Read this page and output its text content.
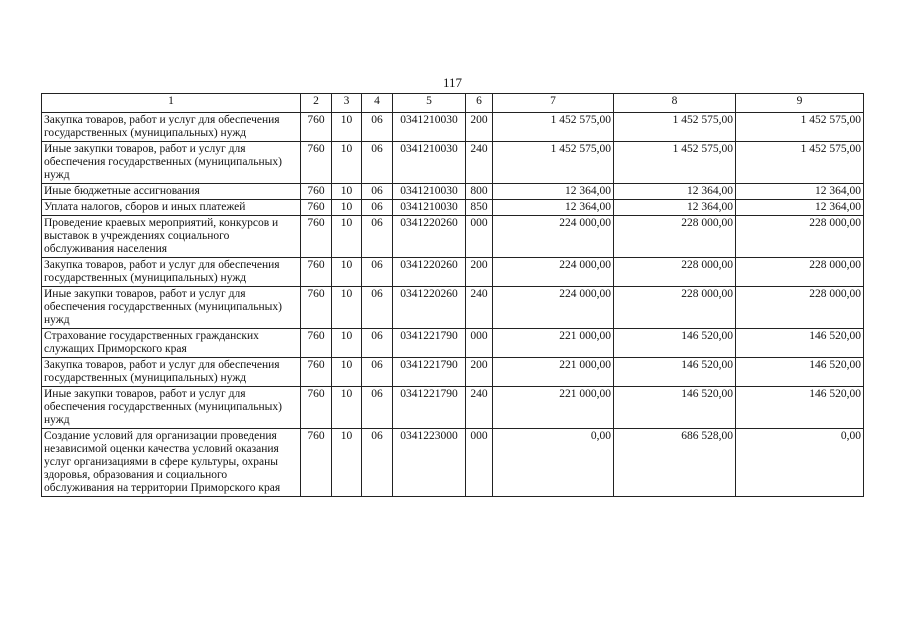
117
1	2	3	4	5	6	7	8	9
Закупка товаров, работ и услуг для обеспечения государственных (муниципальных) нужд	760	10	06	0341210030	200	1 452 575,00	1 452 575,00	1 452 575,00
Иные закупки товаров, работ и услуг для обеспечения государственных (муниципальных) нужд	760	10	06	0341210030	240	1 452 575,00	1 452 575,00	1 452 575,00
Иные бюджетные ассигнования	760	10	06	0341210030	800	12 364,00	12 364,00	12 364,00
Уплата налогов, сборов и иных платежей	760	10	06	0341210030	850	12 364,00	12 364,00	12 364,00
Проведение краевых мероприятий, конкурсов и выставок в учреждениях социального обслуживания населения	760	10	06	0341220260	000	224 000,00	228 000,00	228 000,00
Закупка товаров, работ и услуг для обеспечения государственных (муниципальных) нужд	760	10	06	0341220260	200	224 000,00	228 000,00	228 000,00
Иные закупки товаров, работ и услуг для обеспечения государственных (муниципальных) нужд	760	10	06	0341220260	240	224 000,00	228 000,00	228 000,00
Страхование государственных гражданских служащих Приморского края	760	10	06	0341221790	000	221 000,00	146 520,00	146 520,00
Закупка товаров, работ и услуг для обеспечения государственных (муниципальных) нужд	760	10	06	0341221790	200	221 000,00	146 520,00	146 520,00
Иные закупки товаров, работ и услуг для обеспечения государственных (муниципальных) нужд	760	10	06	0341221790	240	221 000,00	146 520,00	146 520,00
Создание условий для организации проведения независимой оценки качества условий оказания услуг организациями в сфере культуры, охраны здоровья, образования и социального обслуживания на территории Приморского края	760	10	06	0341223000	000	0,00	686 528,00	0,00
